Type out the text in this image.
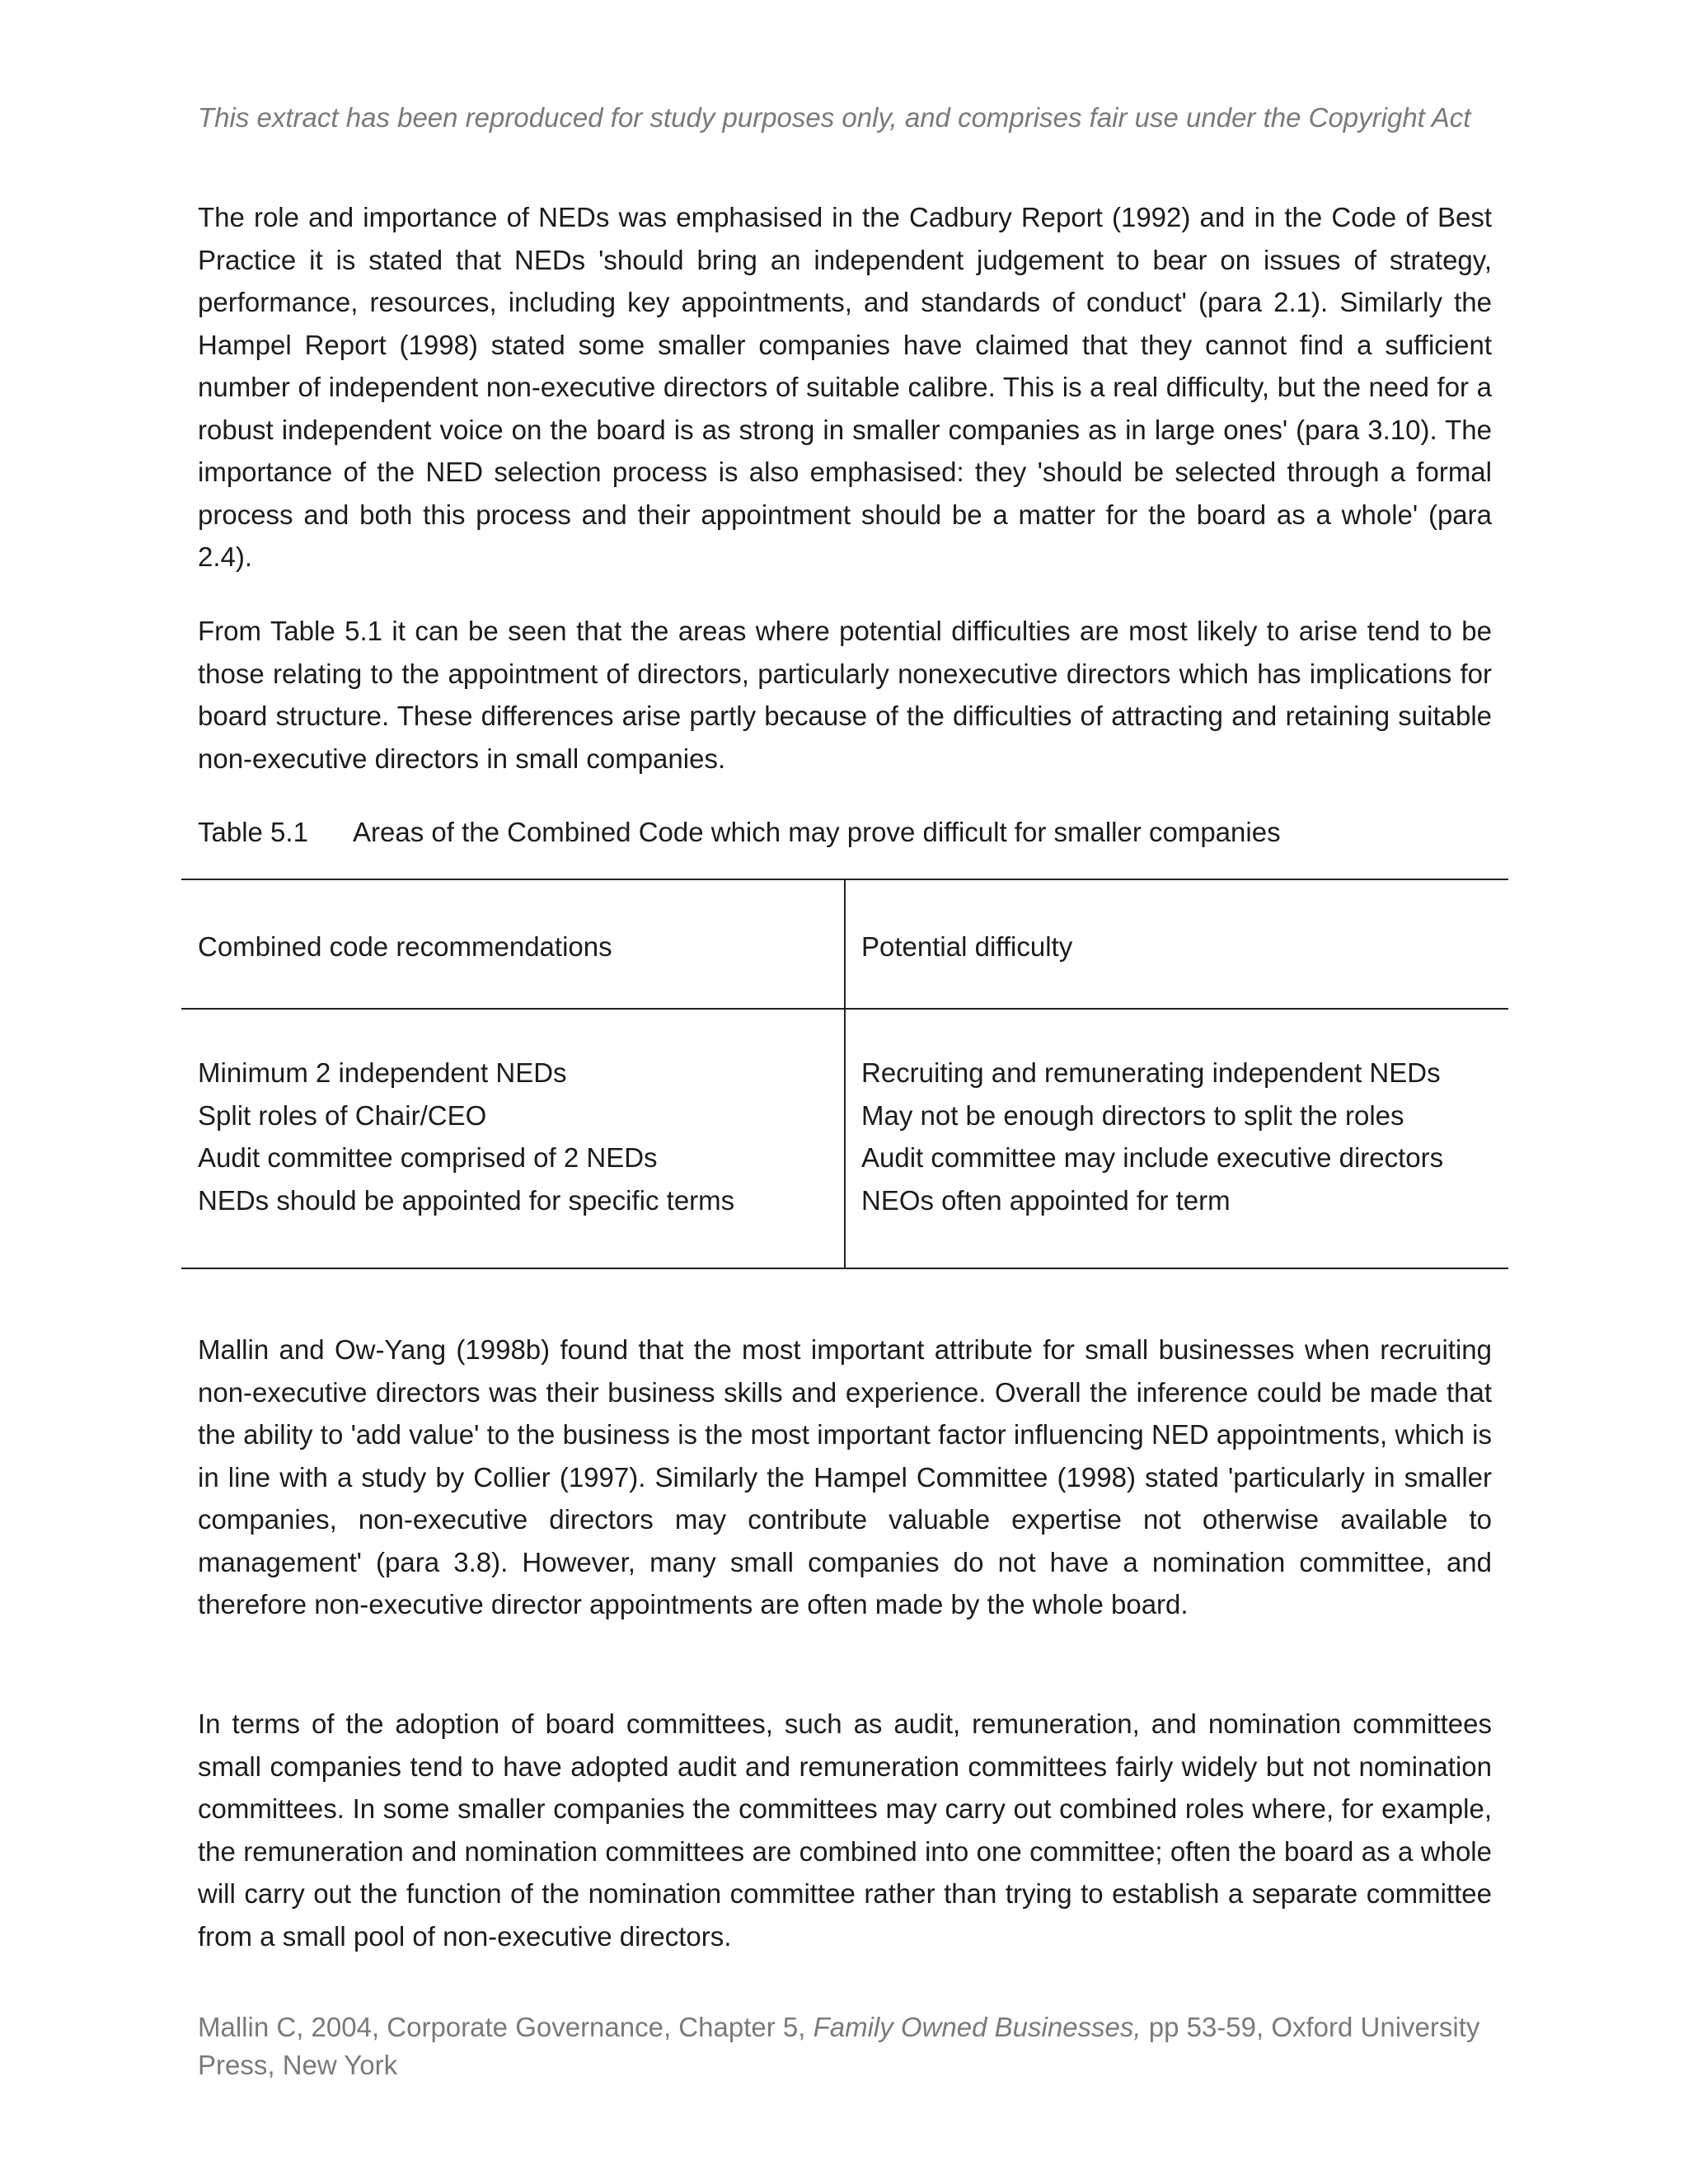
This extract has been reproduced for study purposes only, and comprises fair use under the Copyright Act

The role and importance of NEDs was emphasised in the Cadbury Report (1992) and in the Code of Best Practice it is stated that NEDs 'should bring an independent judgement to bear on issues of strategy, performance, resources, including key appointments, and standards of conduct' (para 2.1). Similarly the Hampel Report (1998) stated some smaller companies have claimed that they cannot find a sufficient number of independent non-executive directors of suitable calibre. This is a real difficulty, but the need for a robust independent voice on the board is as strong in smaller companies as in large ones' (para 3.10). The importance of the NED selection process is also emphasised: they 'should be selected through a formal process and both this process and their appointment should be a matter for the board as a whole' (para 2.4).

From Table 5.1 it can be seen that the areas where potential difficulties are most likely to arise tend to be those relating to the appointment of directors, particularly nonexecutive directors which has implications for board structure. These differences arise partly because of the difficulties of attracting and retaining suitable non-executive directors in small companies.

Table 5.1 Areas of the Combined Code which may prove difficult for smaller companies
Combined code recommendations	Potential difficulty
Minimum 2 independent NEDs
Split roles of Chair/CEO
Audit committee comprised of 2 NEDs
NEDs should be appointed for specific terms
Recruiting and remunerating independent NEDs
May not be enough directors to split the roles
Audit committee may include executive directors
NEOs often appointed for term

Mallin and Ow-Yang (1998b) found that the most important attribute for small businesses when recruiting non-executive directors was their business skills and experience. Overall the inference could be made that the ability to 'add value' to the business is the most important factor influencing NED appointments, which is in line with a study by Collier (1997). Similarly the Hampel Committee (1998) stated 'particularly in smaller companies, non-executive directors may contribute valuable expertise not otherwise available to management' (para 3.8). However, many small companies do not have a nomination committee, and therefore non-executive director appointments are often made by the whole board.

In terms of the adoption of board committees, such as audit, remuneration, and nomination committees small companies tend to have adopted audit and remuneration committees fairly widely but not nomination committees. In some smaller companies the committees may carry out combined roles where, for example, the remuneration and nomination committees are combined into one committee; often the board as a whole will carry out the function of the nomination committee rather than trying to establish a separate committee from a small pool of non-executive directors.

Mallin C, 2004, Corporate Governance, Chapter 5, Family Owned Businesses, pp 53-59, Oxford University Press, New York
